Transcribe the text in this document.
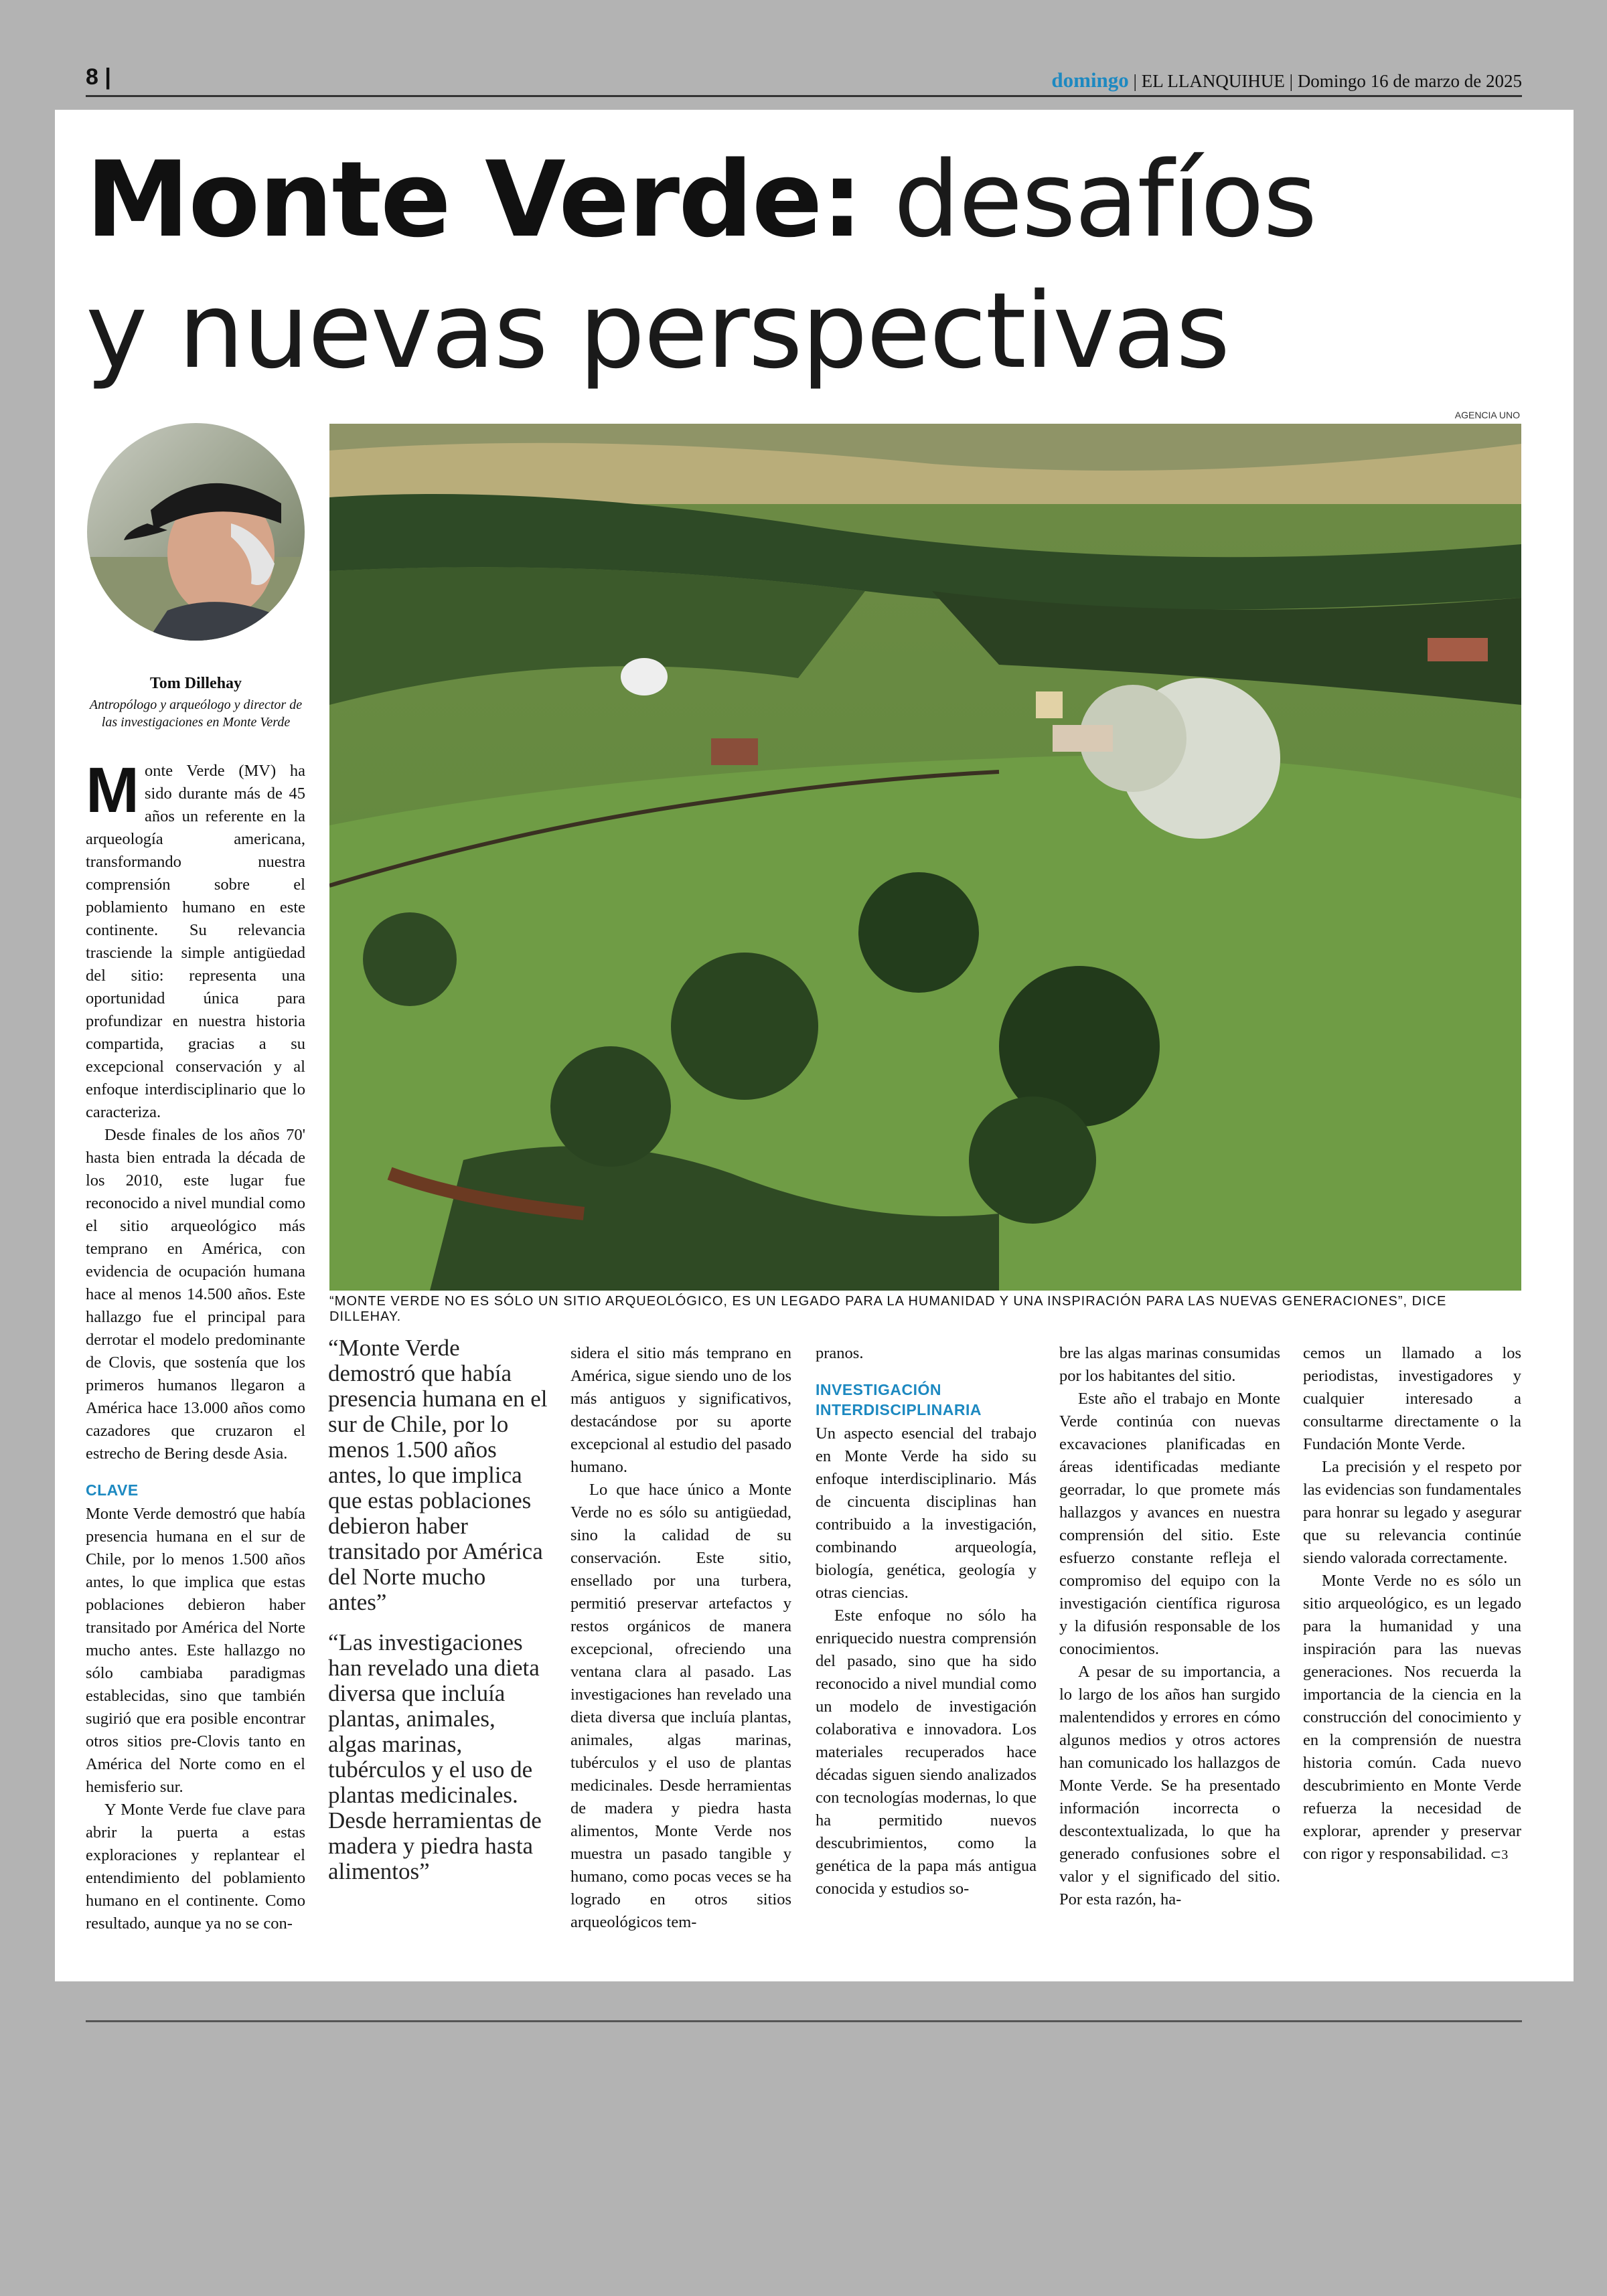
8 |	domingo | EL LLANQUIHUE | Domingo 16 de marzo de 2025
Monte Verde: desafíos
y nuevas perspectivas
Tom Dillehay
Antropólogo y arqueólogo y director de las investigaciones en Monte Verde
AGENCIA UNO
“MONTE VERDE NO ES SÓLO UN SITIO ARQUEOLÓGICO, ES UN LEGADO PARA LA HUMANIDAD Y UNA INSPIRACIÓN PARA LAS NUEVAS GENERACIONES”, DICE DILLEHAY.

Monte Verde (MV) ha sido durante más de 45 años un referente en la arqueología americana, transformando nuestra comprensión sobre el poblamiento humano en este continente. Su relevancia trasciende la simple antigüedad del sitio: representa una oportunidad única para profundizar en nuestra historia compartida, gracias a su excepcional conservación y al enfoque interdisciplinario que lo caracteriza.

Desde finales de los años 70' hasta bien entrada la década de los 2010, este lugar fue reconocido a nivel mundial como el sitio arqueológico más temprano en América, con evidencia de ocupación humana hace al menos 14.500 años. Este hallazgo fue el principal para derrotar el modelo predominante de Clovis, que sostenía que los primeros humanos llegaron a América hace 13.000 años como cazadores que cruzaron el estrecho de Bering desde Asia.

CLAVE

Monte Verde demostró que había presencia humana en el sur de Chile, por lo menos 1.500 años antes, lo que implica que estas poblaciones debieron haber transitado por América del Norte mucho antes. Este hallazgo no sólo cambiaba paradigmas establecidas, sino que también sugirió que era posible encontrar otros sitios pre-Clovis tanto en América del Norte como en el hemisferio sur.

Y Monte Verde fue clave para abrir la puerta a estas exploraciones y replantear el entendimiento del poblamiento humano en el continente. Como resultado, aunque ya no se con-

“Monte Verde demostró que había presencia humana en el sur de Chile, por lo menos 1.500 años antes, lo que implica que estas poblaciones debieron haber transitado por América del Norte mucho antes”
“Las investigaciones han revelado una dieta diversa que incluía plantas, animales, algas marinas, tubérculos y el uso de plantas medicinales. Desde herramientas de madera y piedra hasta alimentos”

sidera el sitio más temprano en América, sigue siendo uno de los más antiguos y significativos, destacándose por su aporte excepcional al estudio del pasado humano.

Lo que hace único a Monte Verde no es sólo su antigüedad, sino la calidad de su conservación. Este sitio, ensellado por una turbera, permitió preservar artefactos y restos orgánicos de manera excepcional, ofreciendo una ventana clara al pasado. Las investigaciones han revelado una dieta diversa que incluía plantas, animales, algas marinas, tubérculos y el uso de plantas medicinales. Desde herramientas de madera y piedra hasta alimentos, Monte Verde nos muestra un pasado tangible y humano, como pocas veces se ha logrado en otros sitios arqueológicos tem-

pranos.

INVESTIGACIÓN INTERDISCIPLINARIA

Un aspecto esencial del trabajo en Monte Verde ha sido su enfoque interdisciplinario. Más de cincuenta disciplinas han contribuido a la investigación, combinando arqueología, biología, genética, geología y otras ciencias.

Este enfoque no sólo ha enriquecido nuestra comprensión del pasado, sino que ha sido reconocido a nivel mundial como un modelo de investigación colaborativa e innovadora. Los materiales recuperados hace décadas siguen siendo analizados con tecnologías modernas, lo que ha permitido nuevos descubrimientos, como la genética de la papa más antigua conocida y estudios so-

bre las algas marinas consumidas por los habitantes del sitio.

Este año el trabajo en Monte Verde continúa con nuevas excavaciones planificadas en áreas identificadas mediante georradar, lo que promete más hallazgos y avances en nuestra comprensión del sitio. Este esfuerzo constante refleja el compromiso del equipo con la investigación científica rigurosa y la difusión responsable de los conocimientos.

A pesar de su importancia, a lo largo de los años han surgido malentendidos y errores en cómo algunos medios y otros actores han comunicado los hallazgos de Monte Verde. Se ha presentado información incorrecta o descontextualizada, lo que ha generado confusiones sobre el valor y el significado del sitio. Por esta razón, ha-

cemos un llamado a los periodistas, investigadores y cualquier interesado a consultarme directamente o la Fundación Monte Verde.

La precisión y el respeto por las evidencias son fundamentales para honrar su legado y asegurar que su relevancia continúe siendo valorada correctamente.

Monte Verde no es sólo un sitio arqueológico, es un legado para la humanidad y una inspiración para las nuevas generaciones. Nos recuerda la importancia de la ciencia en la construcción del conocimiento y en la comprensión de nuestra historia común. Cada nuevo descubrimiento en Monte Verde refuerza la necesidad de explorar, aprender y preservar con rigor y responsabilidad. ⊂3
